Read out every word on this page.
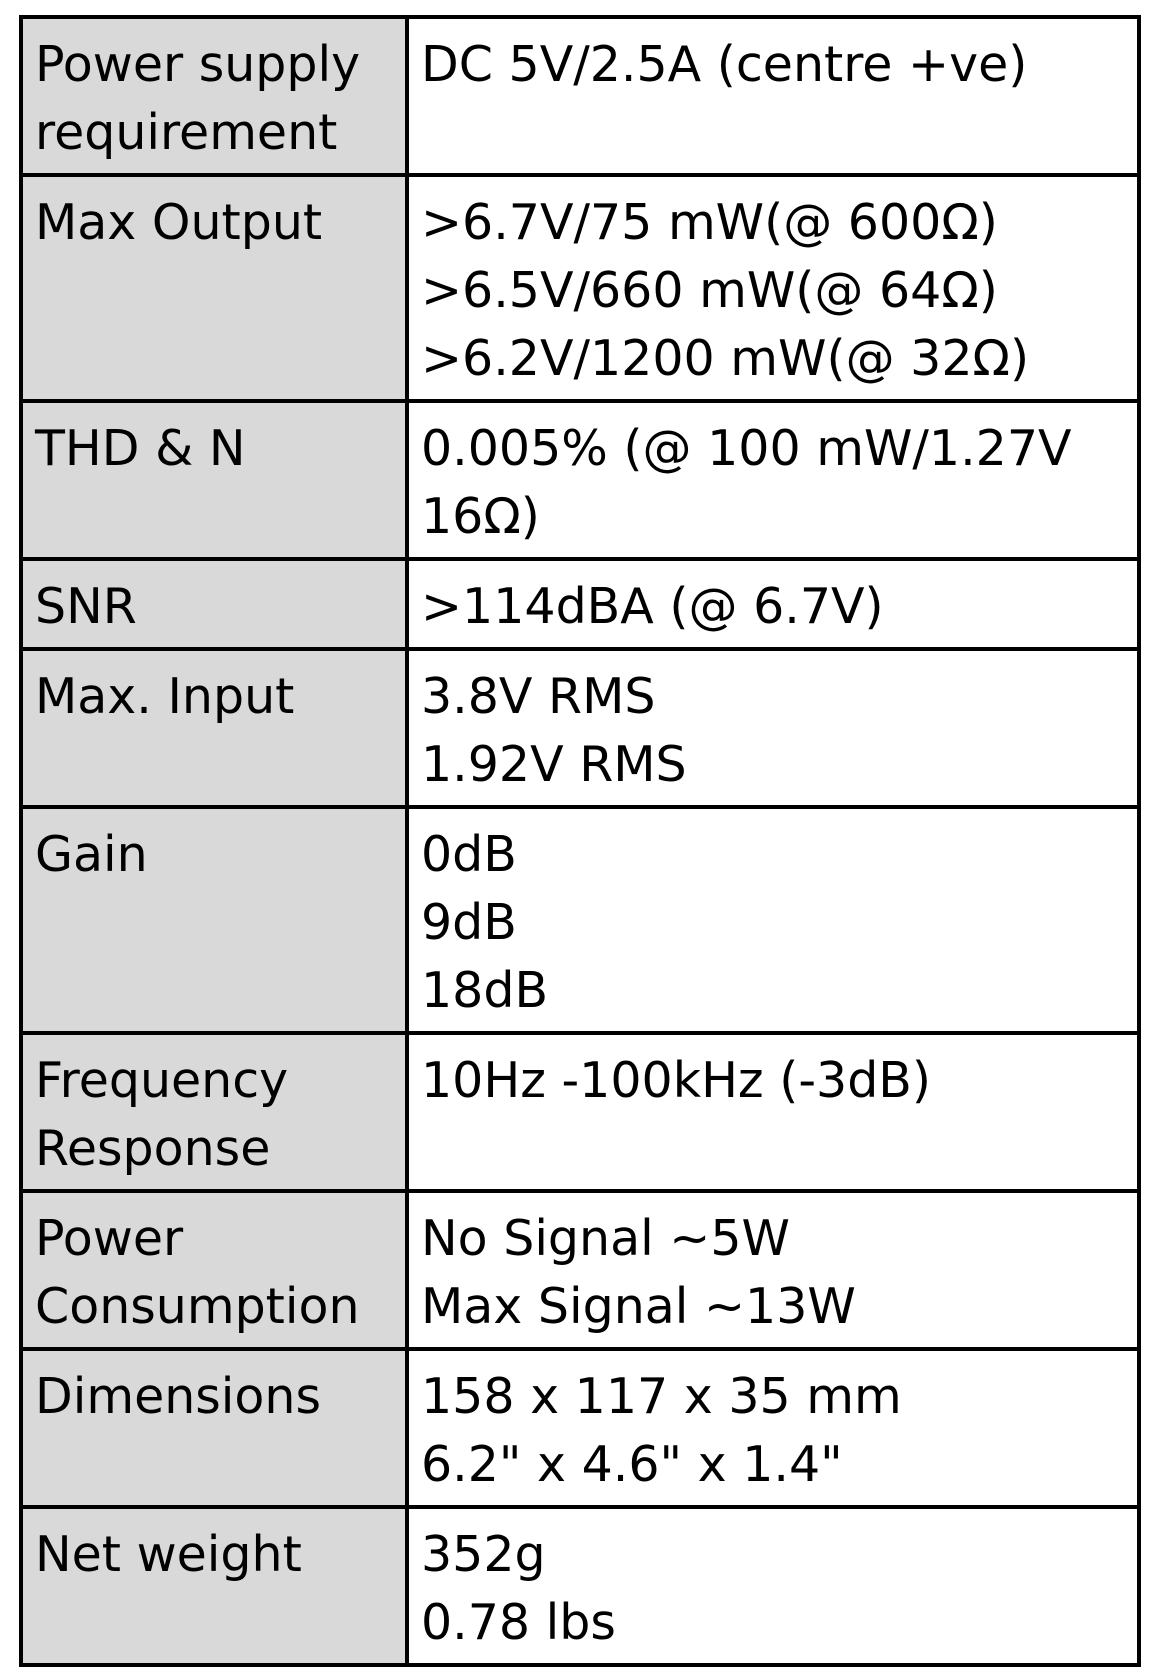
Power supply requirement	DC 5V/2.5A (centre +ve)

Max Output	>6.7V/75 mW(@ 600Ω)
>6.5V/660 mW(@ 64Ω)
>6.2V/1200 mW(@ 32Ω)

THD & N	0.005% (@ 100 mW/1.27V 16Ω)

SNR	>114dBA (@ 6.7V)

Max. Input	3.8V RMS
1.92V RMS

Gain	0dB
9dB
18dB

Frequency Response	10Hz -100kHz (-3dB)

Power Consumption	No Signal ~5W
Max Signal ~13W

Dimensions	158 x 117 x 35 mm
6.2" x 4.6" x 1.4"

Net weight	352g
0.78 lbs
